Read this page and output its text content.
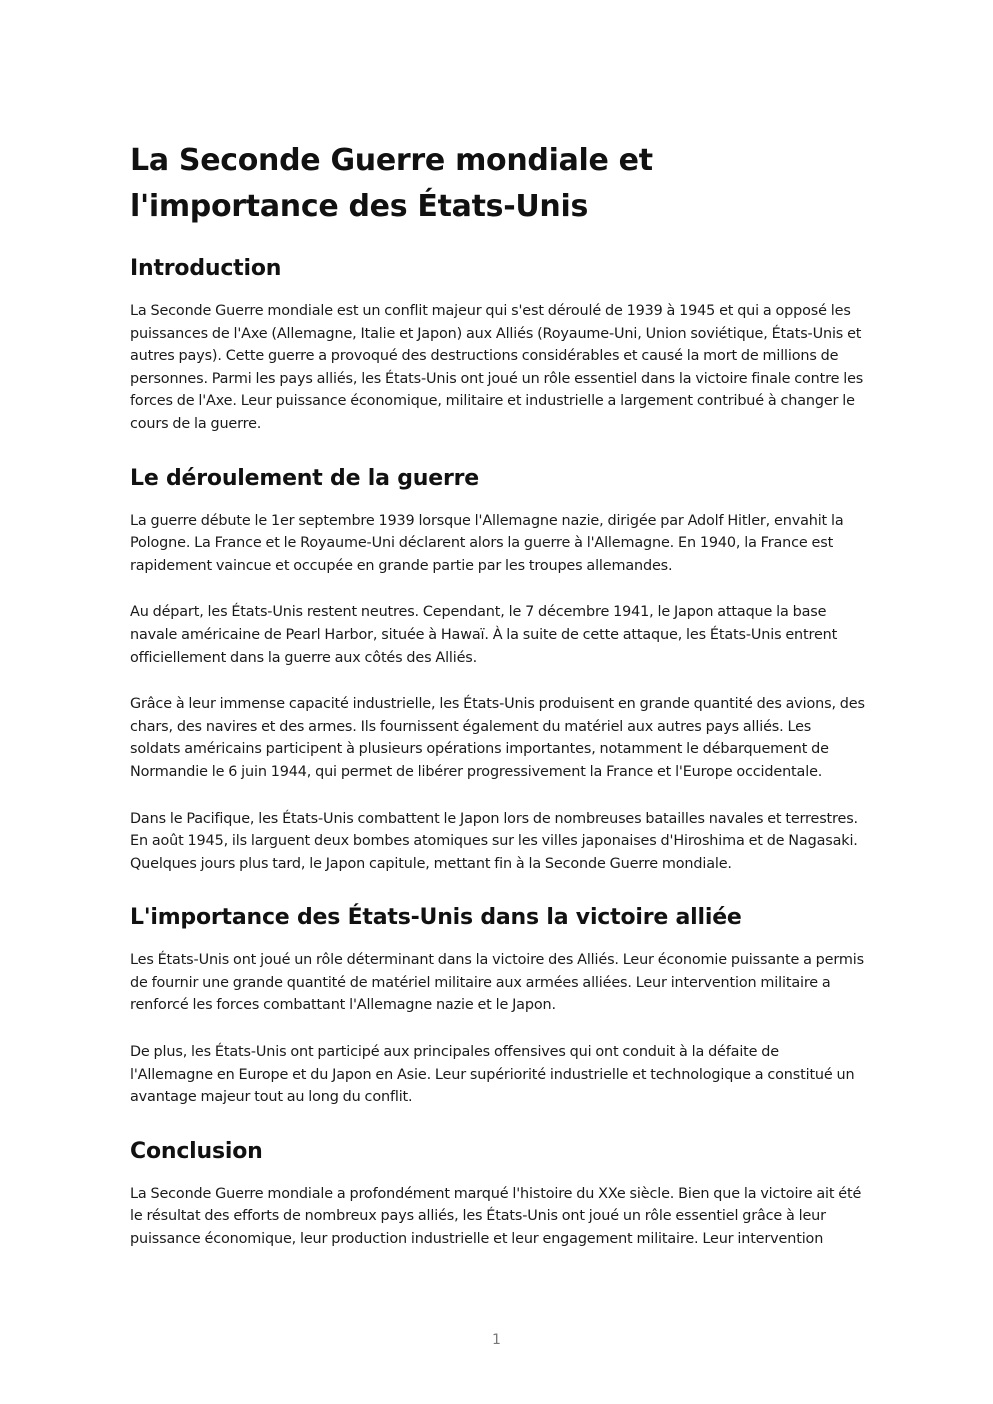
La Seconde Guerre mondiale et l'importance des États-Unis
Introduction

La Seconde Guerre mondiale est un conflit majeur qui s'est déroulé de 1939 à 1945 et qui a opposé les puissances de l'Axe (Allemagne, Italie et Japon) aux Alliés (Royaume-Uni, Union soviétique, États-Unis et autres pays). Cette guerre a provoqué des destructions considérables et causé la mort de millions de personnes. Parmi les pays alliés, les États-Unis ont joué un rôle essentiel dans la victoire finale contre les forces de l'Axe. Leur puissance économique, militaire et industrielle a largement contribué à changer le cours de la guerre.

Le déroulement de la guerre

La guerre débute le 1er septembre 1939 lorsque l'Allemagne nazie, dirigée par Adolf Hitler, envahit la Pologne. La France et le Royaume-Uni déclarent alors la guerre à l'Allemagne. En 1940, la France est rapidement vaincue et occupée en grande partie par les troupes allemandes.

Au départ, les États-Unis restent neutres. Cependant, le 7 décembre 1941, le Japon attaque la base navale américaine de Pearl Harbor, située à Hawaï. À la suite de cette attaque, les États-Unis entrent officiellement dans la guerre aux côtés des Alliés.

Grâce à leur immense capacité industrielle, les États-Unis produisent en grande quantité des avions, des chars, des navires et des armes. Ils fournissent également du matériel aux autres pays alliés. Les soldats américains participent à plusieurs opérations importantes, notamment le débarquement de Normandie le 6 juin 1944, qui permet de libérer progressivement la France et l'Europe occidentale.

Dans le Pacifique, les États-Unis combattent le Japon lors de nombreuses batailles navales et terrestres. En août 1945, ils larguent deux bombes atomiques sur les villes japonaises d'Hiroshima et de Nagasaki. Quelques jours plus tard, le Japon capitule, mettant fin à la Seconde Guerre mondiale.

L'importance des États-Unis dans la victoire alliée

Les États-Unis ont joué un rôle déterminant dans la victoire des Alliés. Leur économie puissante a permis de fournir une grande quantité de matériel militaire aux armées alliées. Leur intervention militaire a renforcé les forces combattant l'Allemagne nazie et le Japon.

De plus, les États-Unis ont participé aux principales offensives qui ont conduit à la défaite de l'Allemagne en Europe et du Japon en Asie. Leur supériorité industrielle et technologique a constitué un avantage majeur tout au long du conflit.

Conclusion

La Seconde Guerre mondiale a profondément marqué l'histoire du XXe siècle. Bien que la victoire ait été le résultat des efforts de nombreux pays alliés, les États-Unis ont joué un rôle essentiel grâce à leur puissance économique, leur production industrielle et leur engagement militaire. Leur intervention

1
